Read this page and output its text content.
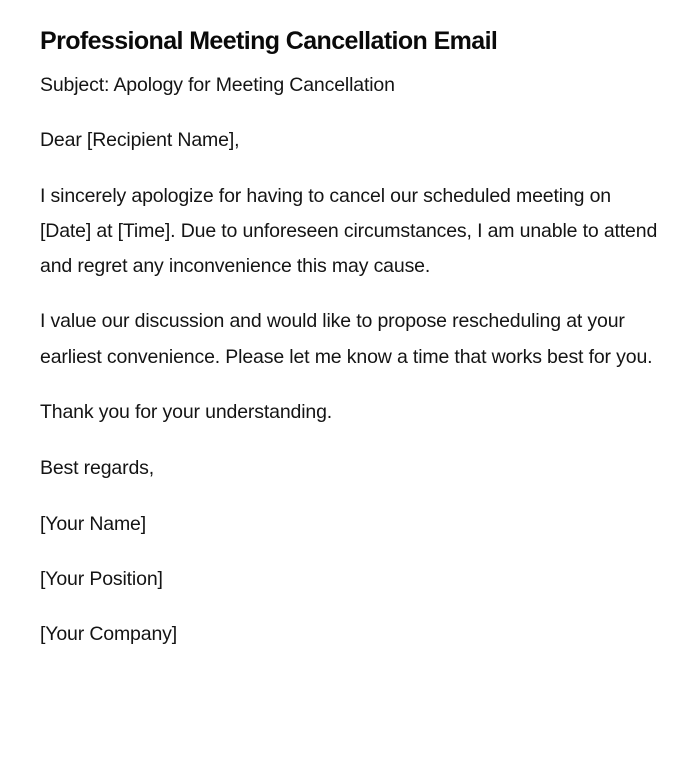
Professional Meeting Cancellation Email

Subject: Apology for Meeting Cancellation

Dear [Recipient Name],

I sincerely apologize for having to cancel our scheduled meeting on [Date] at [Time]. Due to unforeseen circumstances, I am unable to attend and regret any inconvenience this may cause.

I value our discussion and would like to propose rescheduling at your earliest convenience. Please let me know a time that works best for you.

Thank you for your understanding.

Best regards,

[Your Name]

[Your Position]

[Your Company]
